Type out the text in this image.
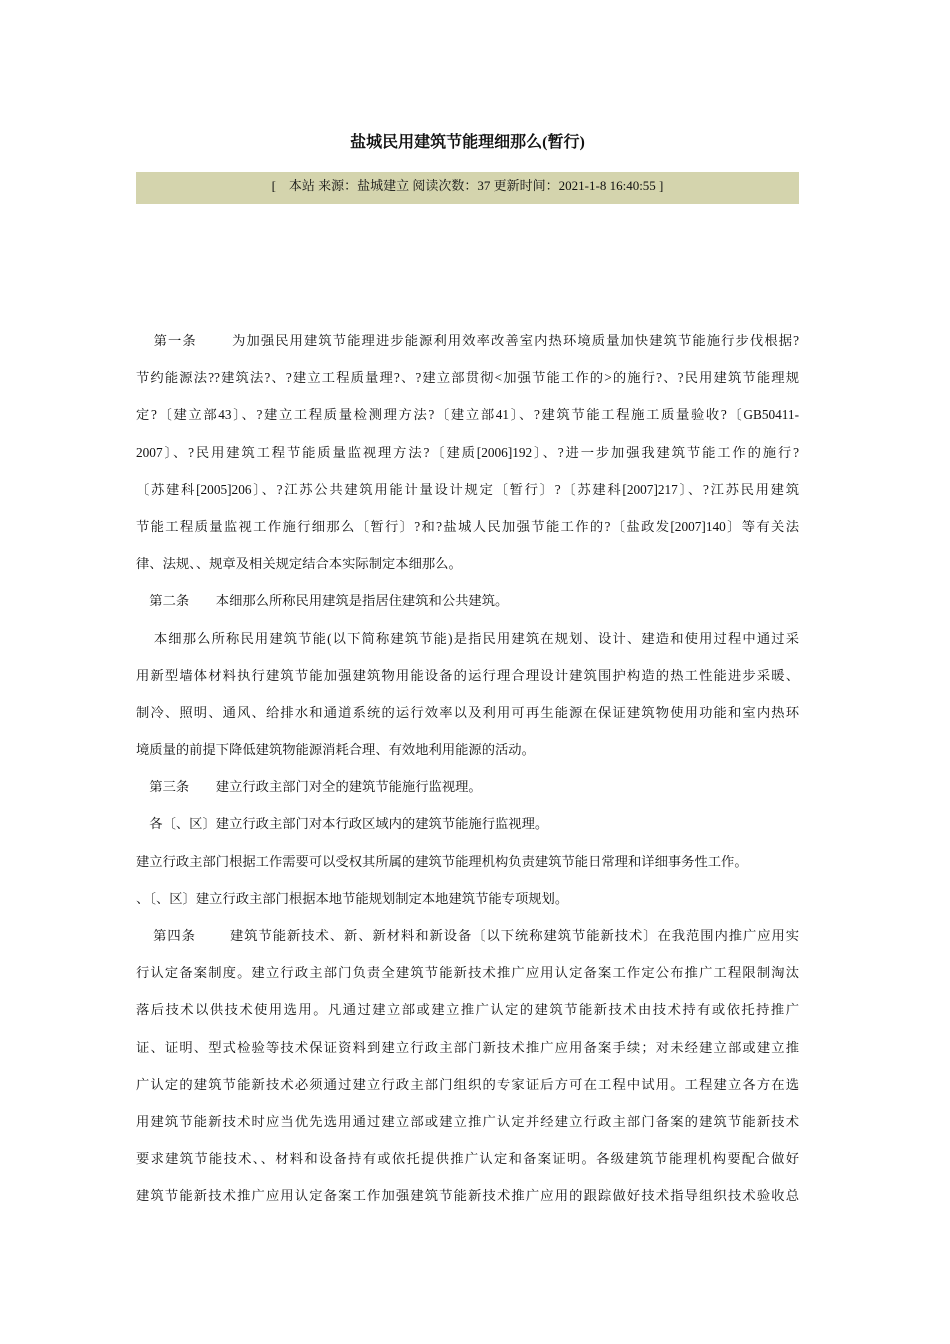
盐城民用建筑节能理细那么(暂行)
[    本站 来源：盐城建立 阅读次数：37 更新时间：2021-1-8 16:40:55 ]
第一条        为加强民用建筑节能理进步能源利用效率改善室内热环境质量加快建筑节能施行步伐根据?
节约能源法??建筑法?、?建立工程质量理?、?建立部贯彻<加强节能工作的>的施行?、?民用建筑节能理规
定?〔建立部43〕、?建立工程质量检测理方法?〔建立部41〕、?建筑节能工程施工质量验收?〔GB50411-
2007〕、?民用建筑工程节能质量监视理方法?〔建质[2006]192〕、?进一步加强我建筑节能工作的施行?
〔苏建科[2005]206〕、?江苏公共建筑用能计量设计规定〔暂行〕?〔苏建科[2007]217〕、?江苏民用建筑
节能工程质量监视工作施行细那么〔暂行〕?和?盐城人民加强节能工作的?〔盐政发[2007]140〕等有关法
律、法规、、规章及相关规定结合本实际制定本细那么。
第二条        本细那么所称民用建筑是指居住建筑和公共建筑。
本细那么所称民用建筑节能(以下简称建筑节能)是指民用建筑在规划、设计、建造和使用过程中通过采
用新型墙体材料执行建筑节能加强建筑物用能设备的运行理合理设计建筑围护构造的热工性能进步采暖、
制冷、照明、通风、给排水和通道系统的运行效率以及利用可再生能源在保证建筑物使用功能和室内热环
境质量的前提下降低建筑物能源消耗合理、有效地利用能源的活动。
第三条        建立行政主部门对全的建筑节能施行监视理。
各〔、区〕建立行政主部门对本行政区域内的建筑节能施行监视理。
建立行政主部门根据工作需要可以受权其所属的建筑节能理机构负责建筑节能日常理和详细事务性工作。
、〔、区〕建立行政主部门根据本地节能规划制定本地建筑节能专项规划。
第四条        建筑节能新技术、新、新材料和新设备〔以下统称建筑节能新技术〕在我范围内推广应用实
行认定备案制度。建立行政主部门负责全建筑节能新技术推广应用认定备案工作定公布推广工程限制淘汰
落后技术以供技术使用选用。凡通过建立部或建立推广认定的建筑节能新技术由技术持有或依托持推广
证、证明、型式检验等技术保证资料到建立行政主部门新技术推广应用备案手续；对未经建立部或建立推
广认定的建筑节能新技术必须通过建立行政主部门组织的专家证后方可在工程中试用。工程建立各方在选
用建筑节能新技术时应当优先选用通过建立部或建立推广认定并经建立行政主部门备案的建筑节能新技术
要求建筑节能技术、、材料和设备持有或依托提供推广认定和备案证明。各级建筑节能理机构要配合做好
建筑节能新技术推广应用认定备案工作加强建筑节能新技术推广应用的跟踪做好技术指导组织技术验收总
